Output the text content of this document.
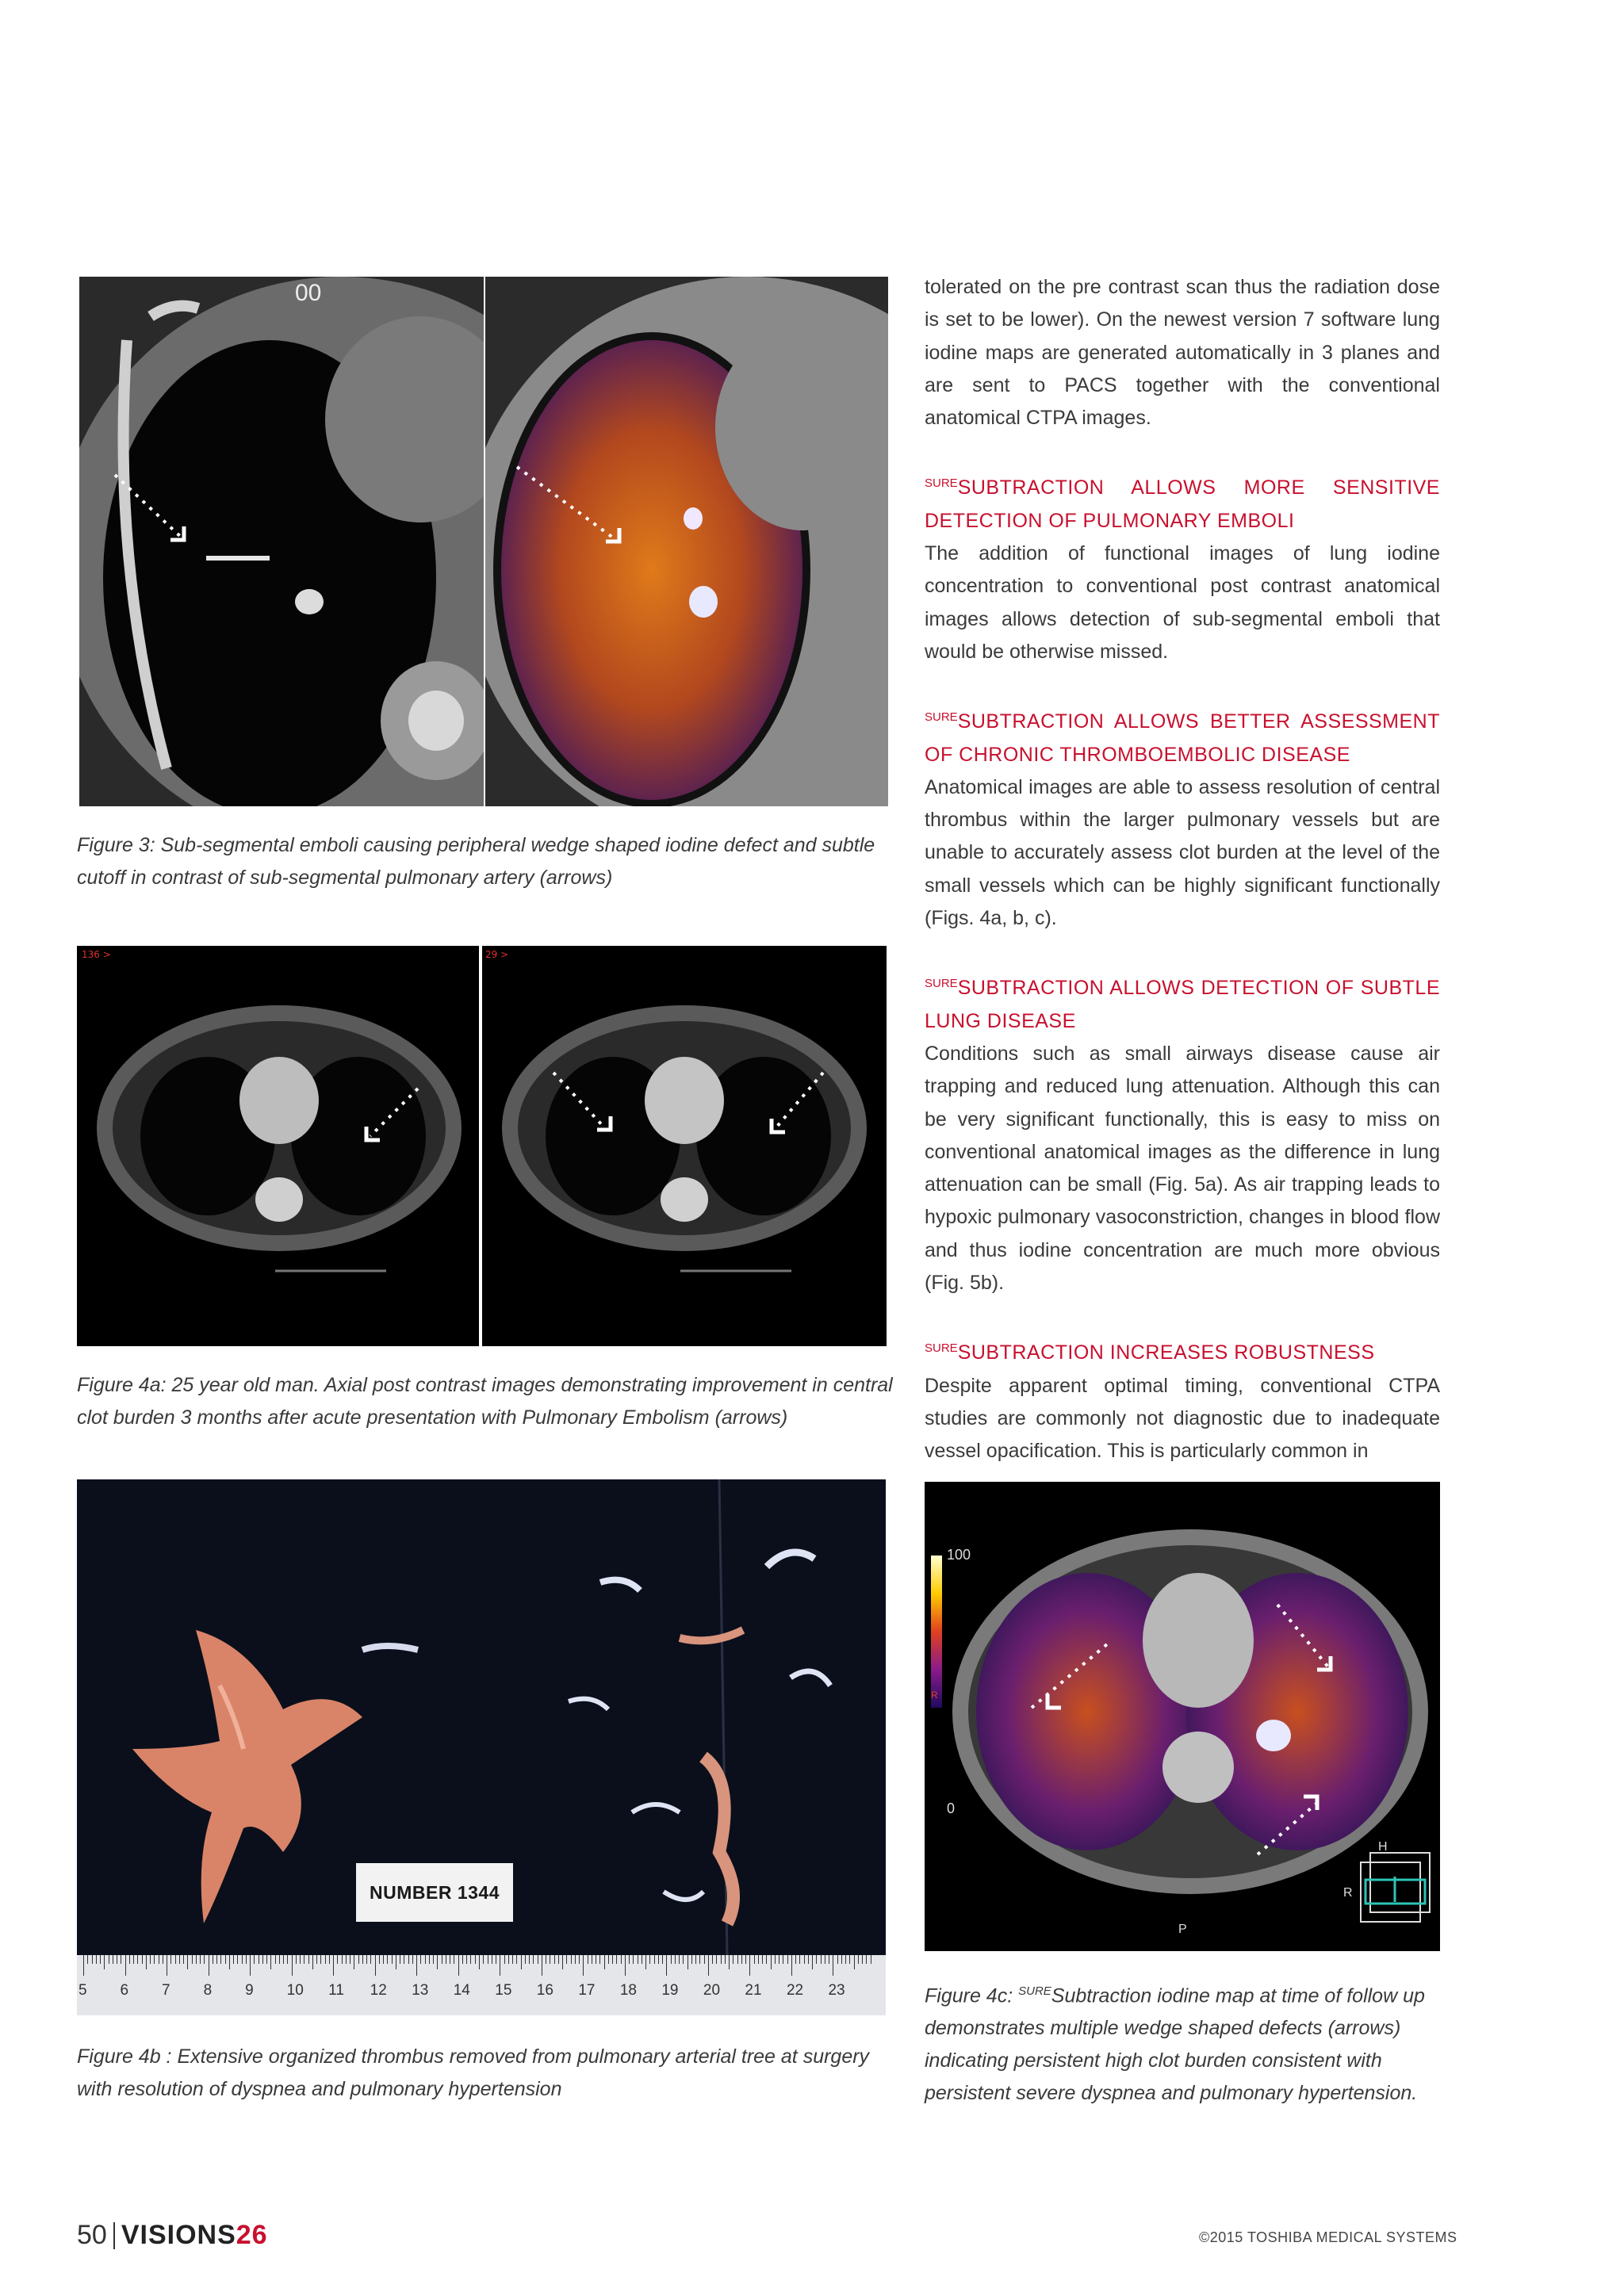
00
Figure 3: Sub-segmental emboli causing peripheral wedge shaped iodine defect and subtle cutoff in contrast of sub-segmental pulmonary artery (arrows)
136 >	29 >
Figure 4a: 25 year old man. Axial post contrast images demonstrating improvement in central clot burden 3 months after acute presentation with Pulmonary Embolism (arrows)
NUMBER 1344
5 6 7 8 9 10 11 12 13 14 15 16 17 18 19 20 21 22 23
Figure 4b : Extensive organized thrombus removed from pulmonary arterial tree at surgery with resolution of dyspnea and pulmonary hypertension
100
R
0
H
R
P
Figure 4c: $^{SURE}$Subtraction iodine map at time of follow up demonstrates multiple wedge shaped defects (arrows) indicating persistent high clot burden consistent with persistent severe dyspnea and pulmonary hypertension.

tolerated on the pre contrast scan thus the radiation dose is set to be lower). On the newest version 7 software lung iodine maps are generated automatically in 3 planes and are sent to PACS together with the conventional anatomical CTPA images.

$^{SURE}$SUBTRACTION ALLOWS MORE SENSITIVE DETECTION OF PULMONARY EMBOLI

The addition of functional images of lung iodine concentration to conventional post contrast anatomical images allows detection of sub-segmental emboli that would be otherwise missed.

$^{SURE}$SUBTRACTION ALLOWS BETTER ASSESSMENT OF CHRONIC THROMBOEMBOLIC DISEASE

Anatomical images are able to assess resolution of central thrombus within the larger pulmonary vessels but are unable to accurately assess clot burden at the level of the small vessels which can be highly significant functionally (Figs. 4a, b, c).

$^{SURE}$SUBTRACTION ALLOWS DETECTION OF SUBTLE LUNG DISEASE

Conditions such as small airways disease cause air trapping and reduced lung attenuation. Although this can be very significant functionally, this is easy to miss on conventional anatomical images as the difference in lung attenuation can be small (Fig. 5a). As air trapping leads to hypoxic pulmonary vasoconstriction, changes in blood flow and thus iodine concentration are much more obvious (Fig. 5b).

$^{SURE}$SUBTRACTION INCREASES ROBUSTNESS

Despite apparent optimal timing, conventional CTPA studies are commonly not diagnostic due to inadequate vessel opacification. This is particularly common in

50 VISIONS26	©2015 TOSHIBA MEDICAL SYSTEMS
